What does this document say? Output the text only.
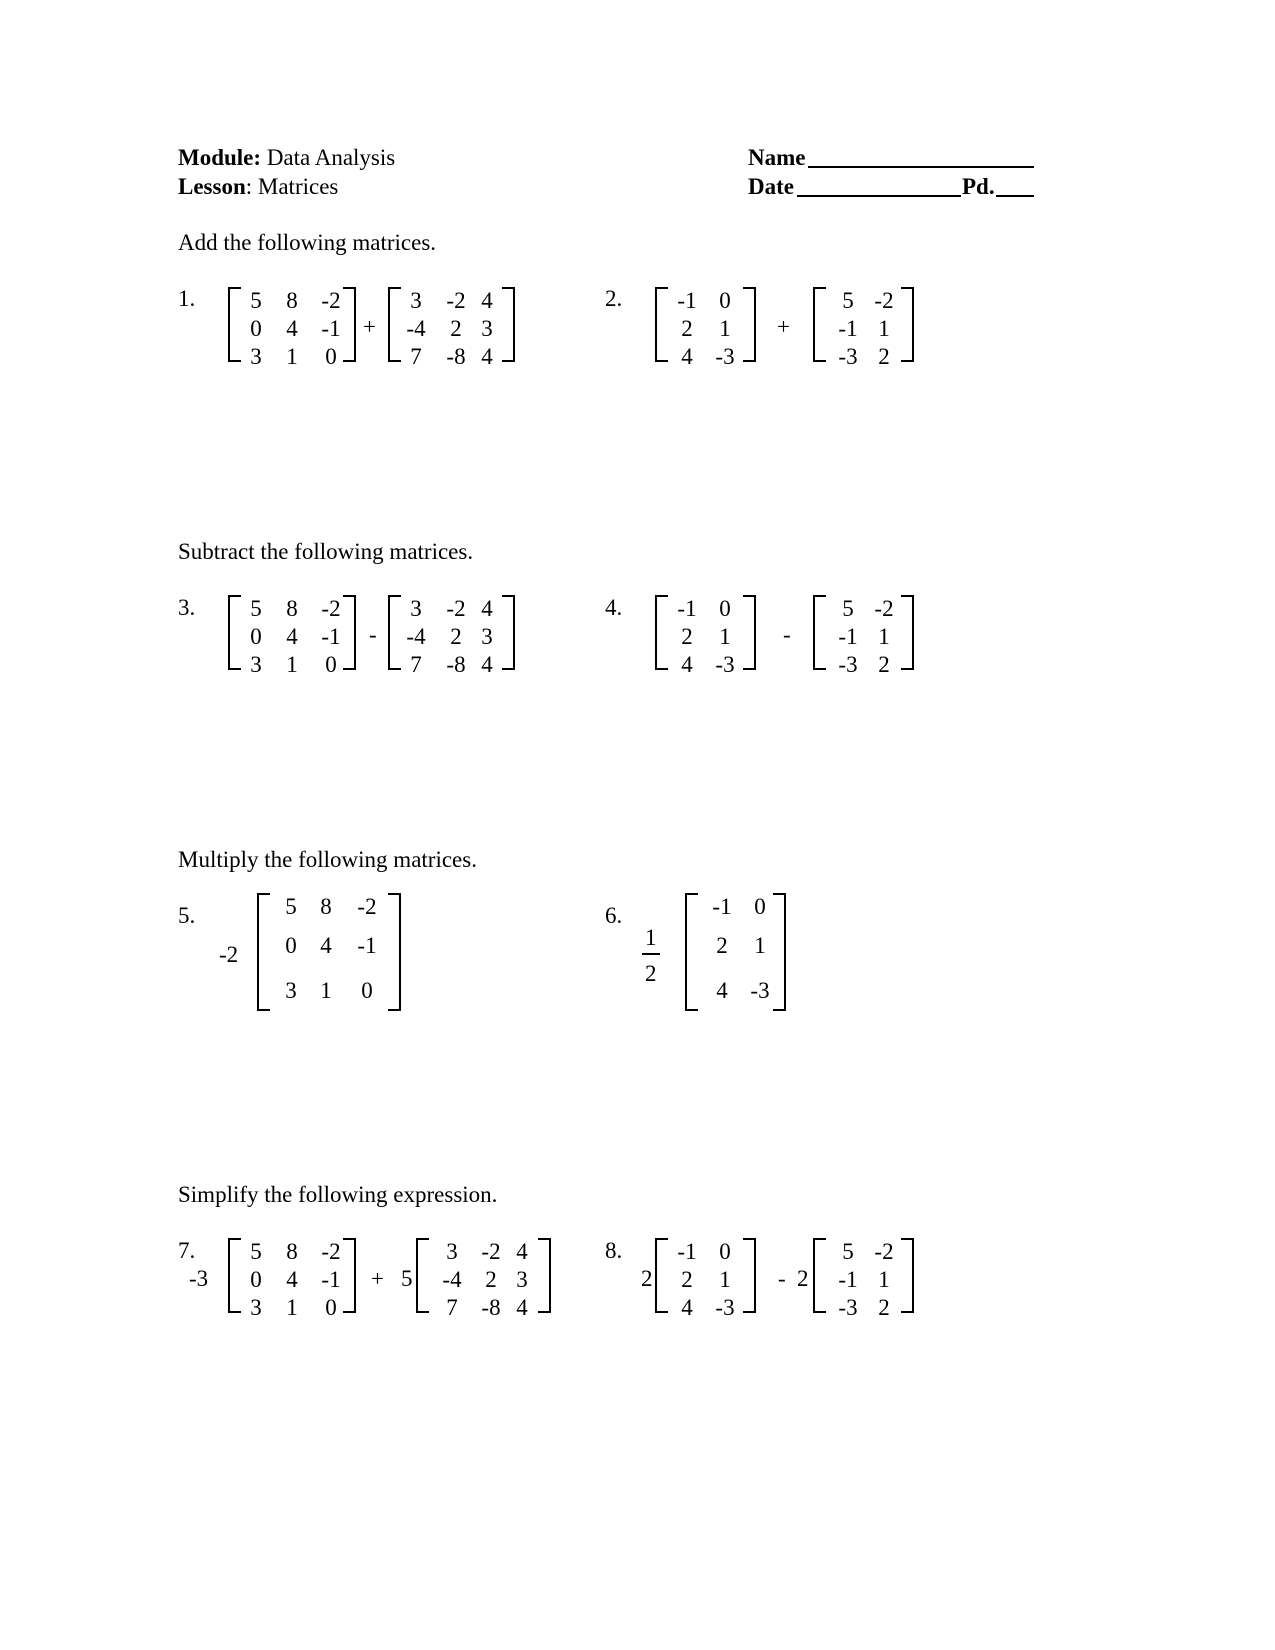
Module: Data Analysis
Lesson: Matrices
Name
Date	Pd.
Add the following matrices.
Subtract the following matrices.
Multiply the following matrices.
Simplify the following expression.
1.
+
2.
+
3.
-
4.
-
5.
-2
6.
1
2
7.
-3	+ 5
8.
2	- 2
5 8 -2
0 4 -1
3 1 0
3 -2 4
-4 2 3
7 -8 4
-1 0
2 1
4 -3
5 -2
-1 1
-3 2
5 8 -2
0 4 -1
3 1 0
3 -2 4
-4 2 3
7 -8 4
-1 0
2 1
4 -3
5 -2
-1 1
-3 2
5 8 -2
0 4 -1
3 1 0
-1 0
2 1
4 -3
5 8 -2
0 4 -1
3 1 0
3 -2 4
-4 2 3
7 -8 4
-1 0
2 1
4 -3
5 -2
-1 1
-3 2
